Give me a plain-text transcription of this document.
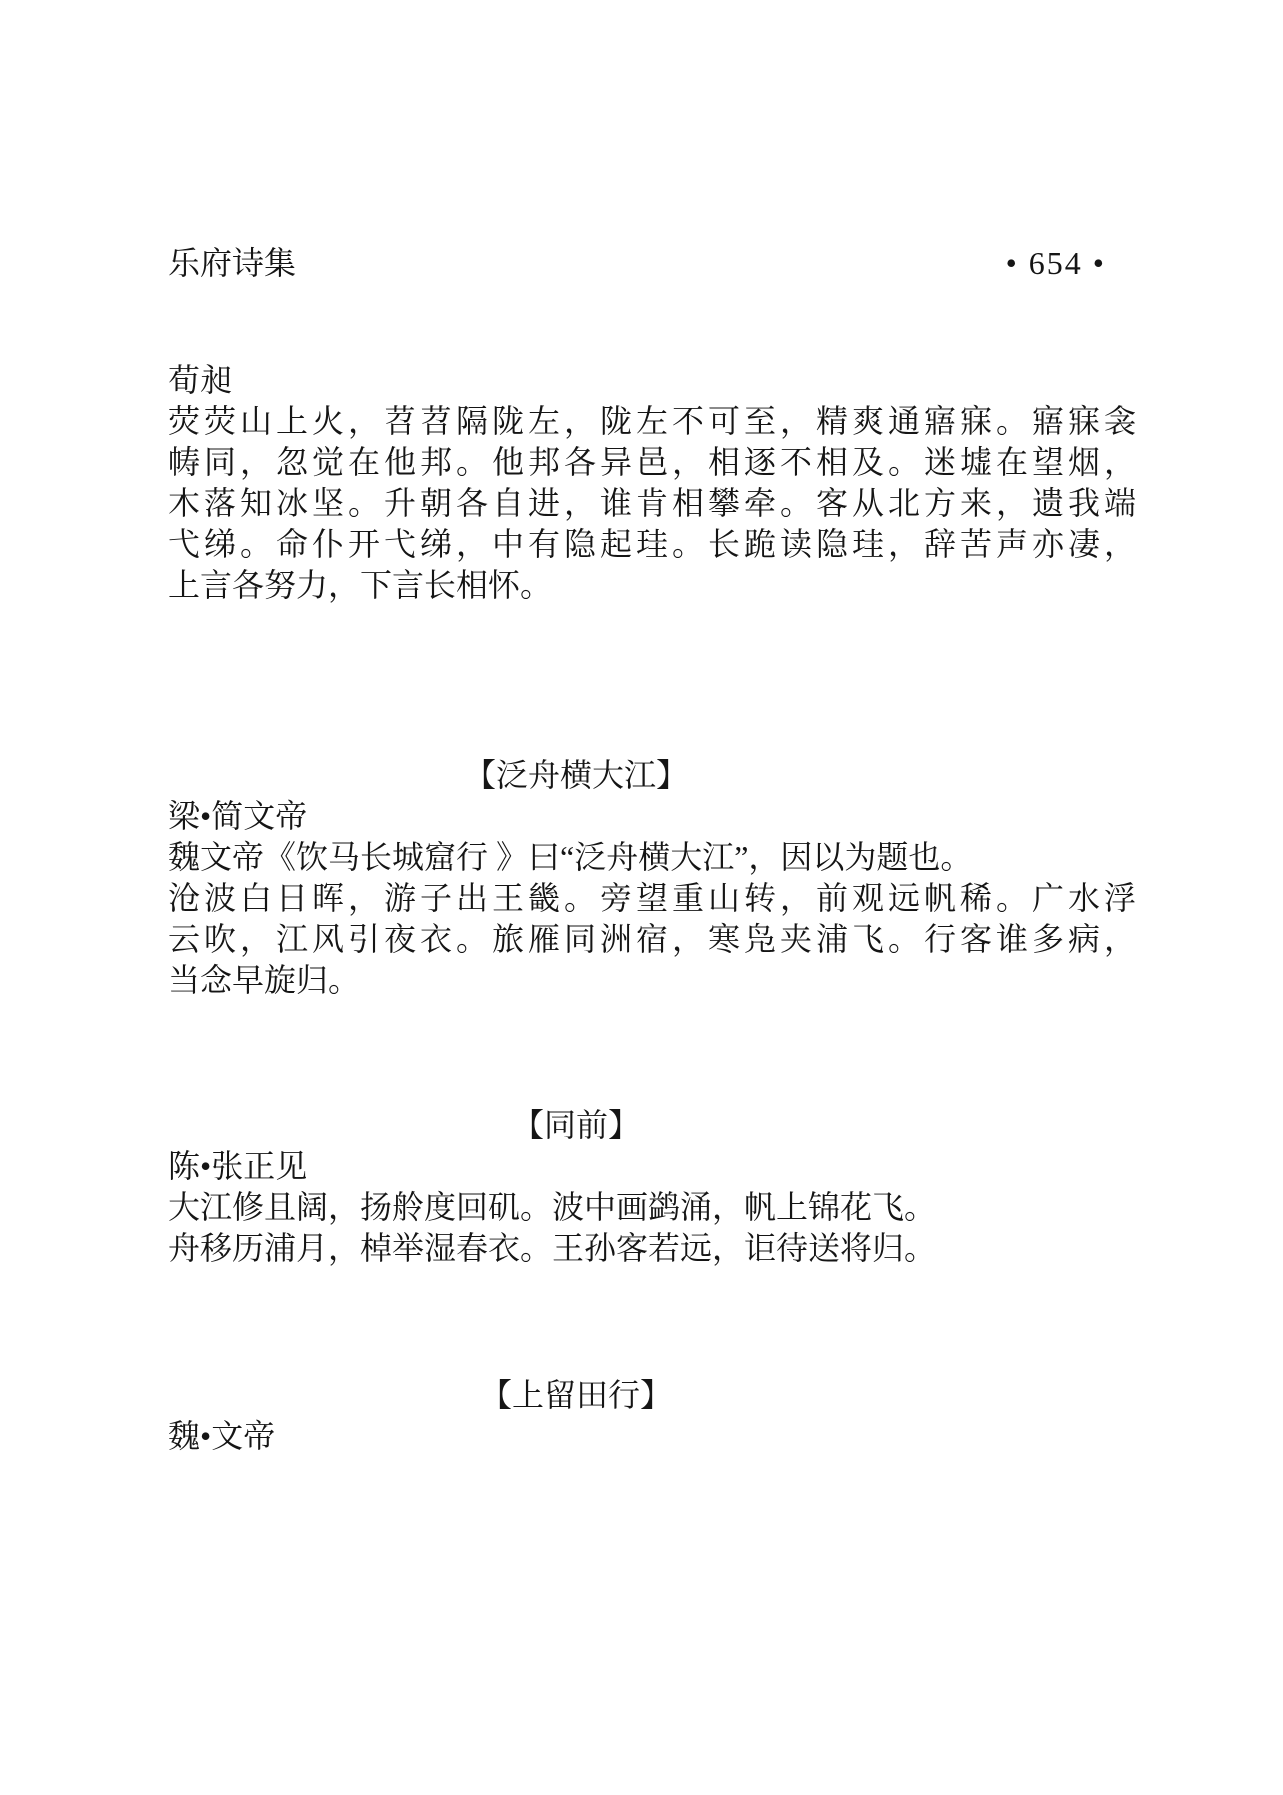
乐府诗集	• 654 •
荀昶
荧荧山上火，苕苕隔陇左，陇左不可至，精爽通寤寐。寤寐衾
帱同，忽觉在他邦。他邦各异邑，相逐不相及。迷墟在望烟，
木落知冰坚。升朝各自进，谁肯相攀牵。客从北方来，遗我端
弋绨。命仆开弋绨，中有隐起珪。长跪读隐珪，辞苦声亦凄，
上言各努力，下言长相怀。
【泛舟横大江】
梁•简文帝
魏文帝《饮马长城窟行 》曰“泛舟横大江”，因以为题也。
沧波白日晖，游子出王畿。旁望重山转，前观远帆稀。广水浮
云吹，江风引夜衣。旅雁同洲宿，寒凫夹浦飞。行客谁多病，
当念早旋归。
【同前】
陈•张正见
大江修且阔，扬舲度回矶。波中画鹢涌，帆上锦花飞。
舟移历浦月，棹举湿春衣。王孙客若远，讵待送将归。
【上留田行】
魏•文帝
